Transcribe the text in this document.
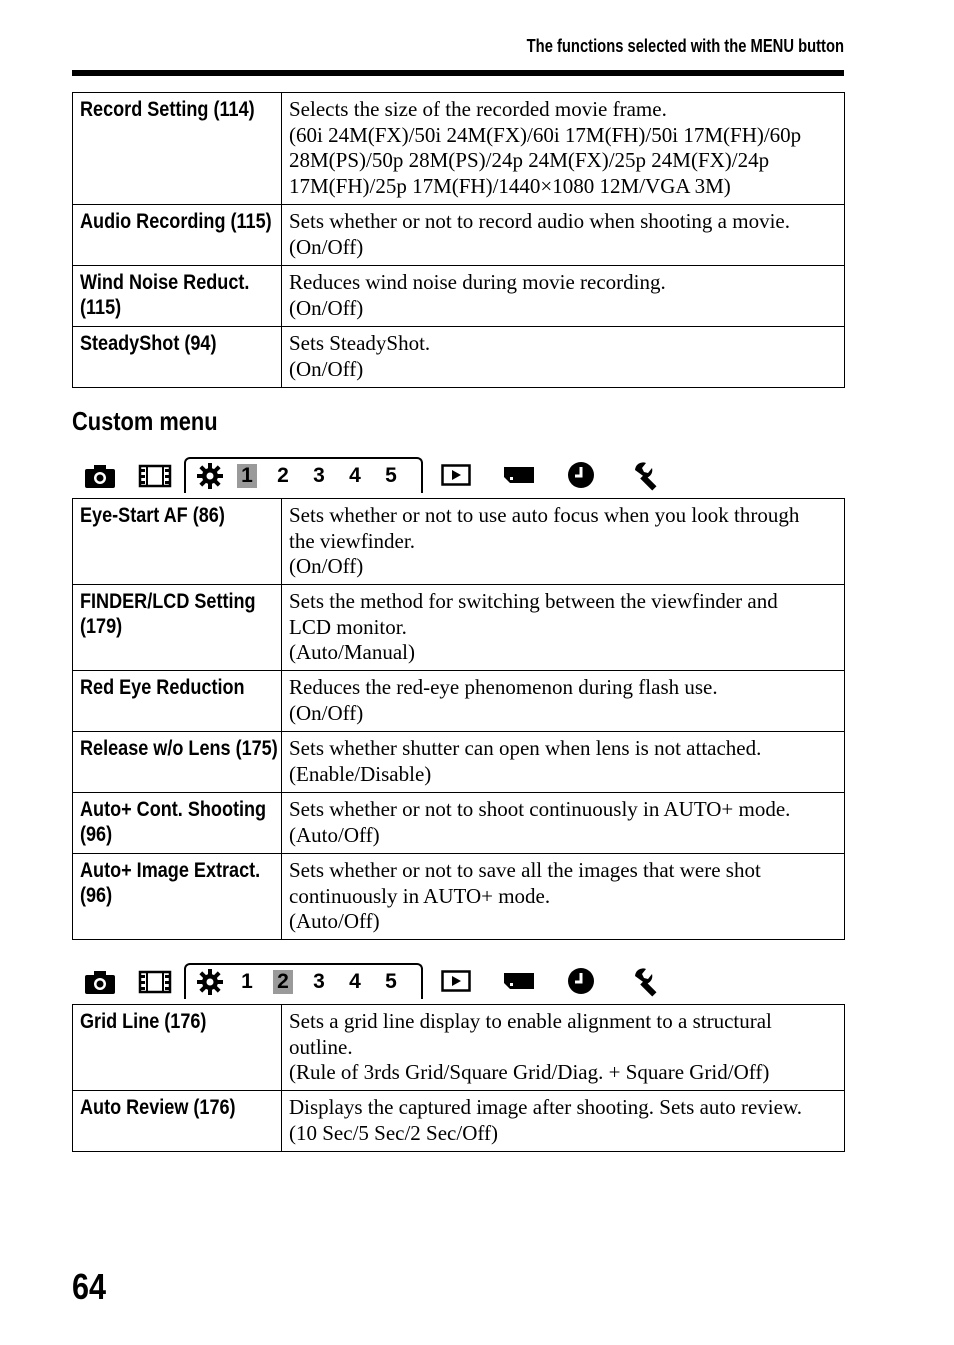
The functions selected with the MENU button
Record Setting (114)	Selects the size of the recorded movie frame.
(60i 24M(FX)/50i 24M(FX)/60i 17M(FH)/50i 17M(FH)/60p
28M(PS)/50p 28M(PS)/24p 24M(FX)/25p 24M(FX)/24p
17M(FH)/25p 17M(FH)/1440×1080 12M/VGA 3M)

Audio Recording (115)	Sets whether or not to record audio when shooting a movie.
(On/Off)

Wind Noise Reduct. (115)	Reduces wind noise during movie recording.
(On/Off)

SteadyShot (94)	Sets SteadyShot.
(On/Off)
Custom menu
1 2 3 4 5
Eye-Start AF (86)	Sets whether or not to use auto focus when you look through
the viewfinder.
(On/Off)

FINDER/LCD Setting (179)	Sets the method for switching between the viewfinder and
LCD monitor.
(Auto/Manual)

Red Eye Reduction	Reduces the red-eye phenomenon during flash use.
(On/Off)

Release w/o Lens (175)	Sets whether shutter can open when lens is not attached.
(Enable/Disable)

Auto+ Cont. Shooting (96)	Sets whether or not to shoot continuously in AUTO+ mode.
(Auto/Off)

Auto+ Image Extract. (96)	Sets whether or not to save all the images that were shot
continuously in AUTO+ mode.
(Auto/Off)
1 2 3 4 5
Grid Line (176)	Sets a grid line display to enable alignment to a structural
outline.
(Rule of 3rds Grid/Square Grid/Diag. + Square Grid/Off)

Auto Review (176)	Displays the captured image after shooting. Sets auto review.
(10 Sec/5 Sec/2 Sec/Off)
64
